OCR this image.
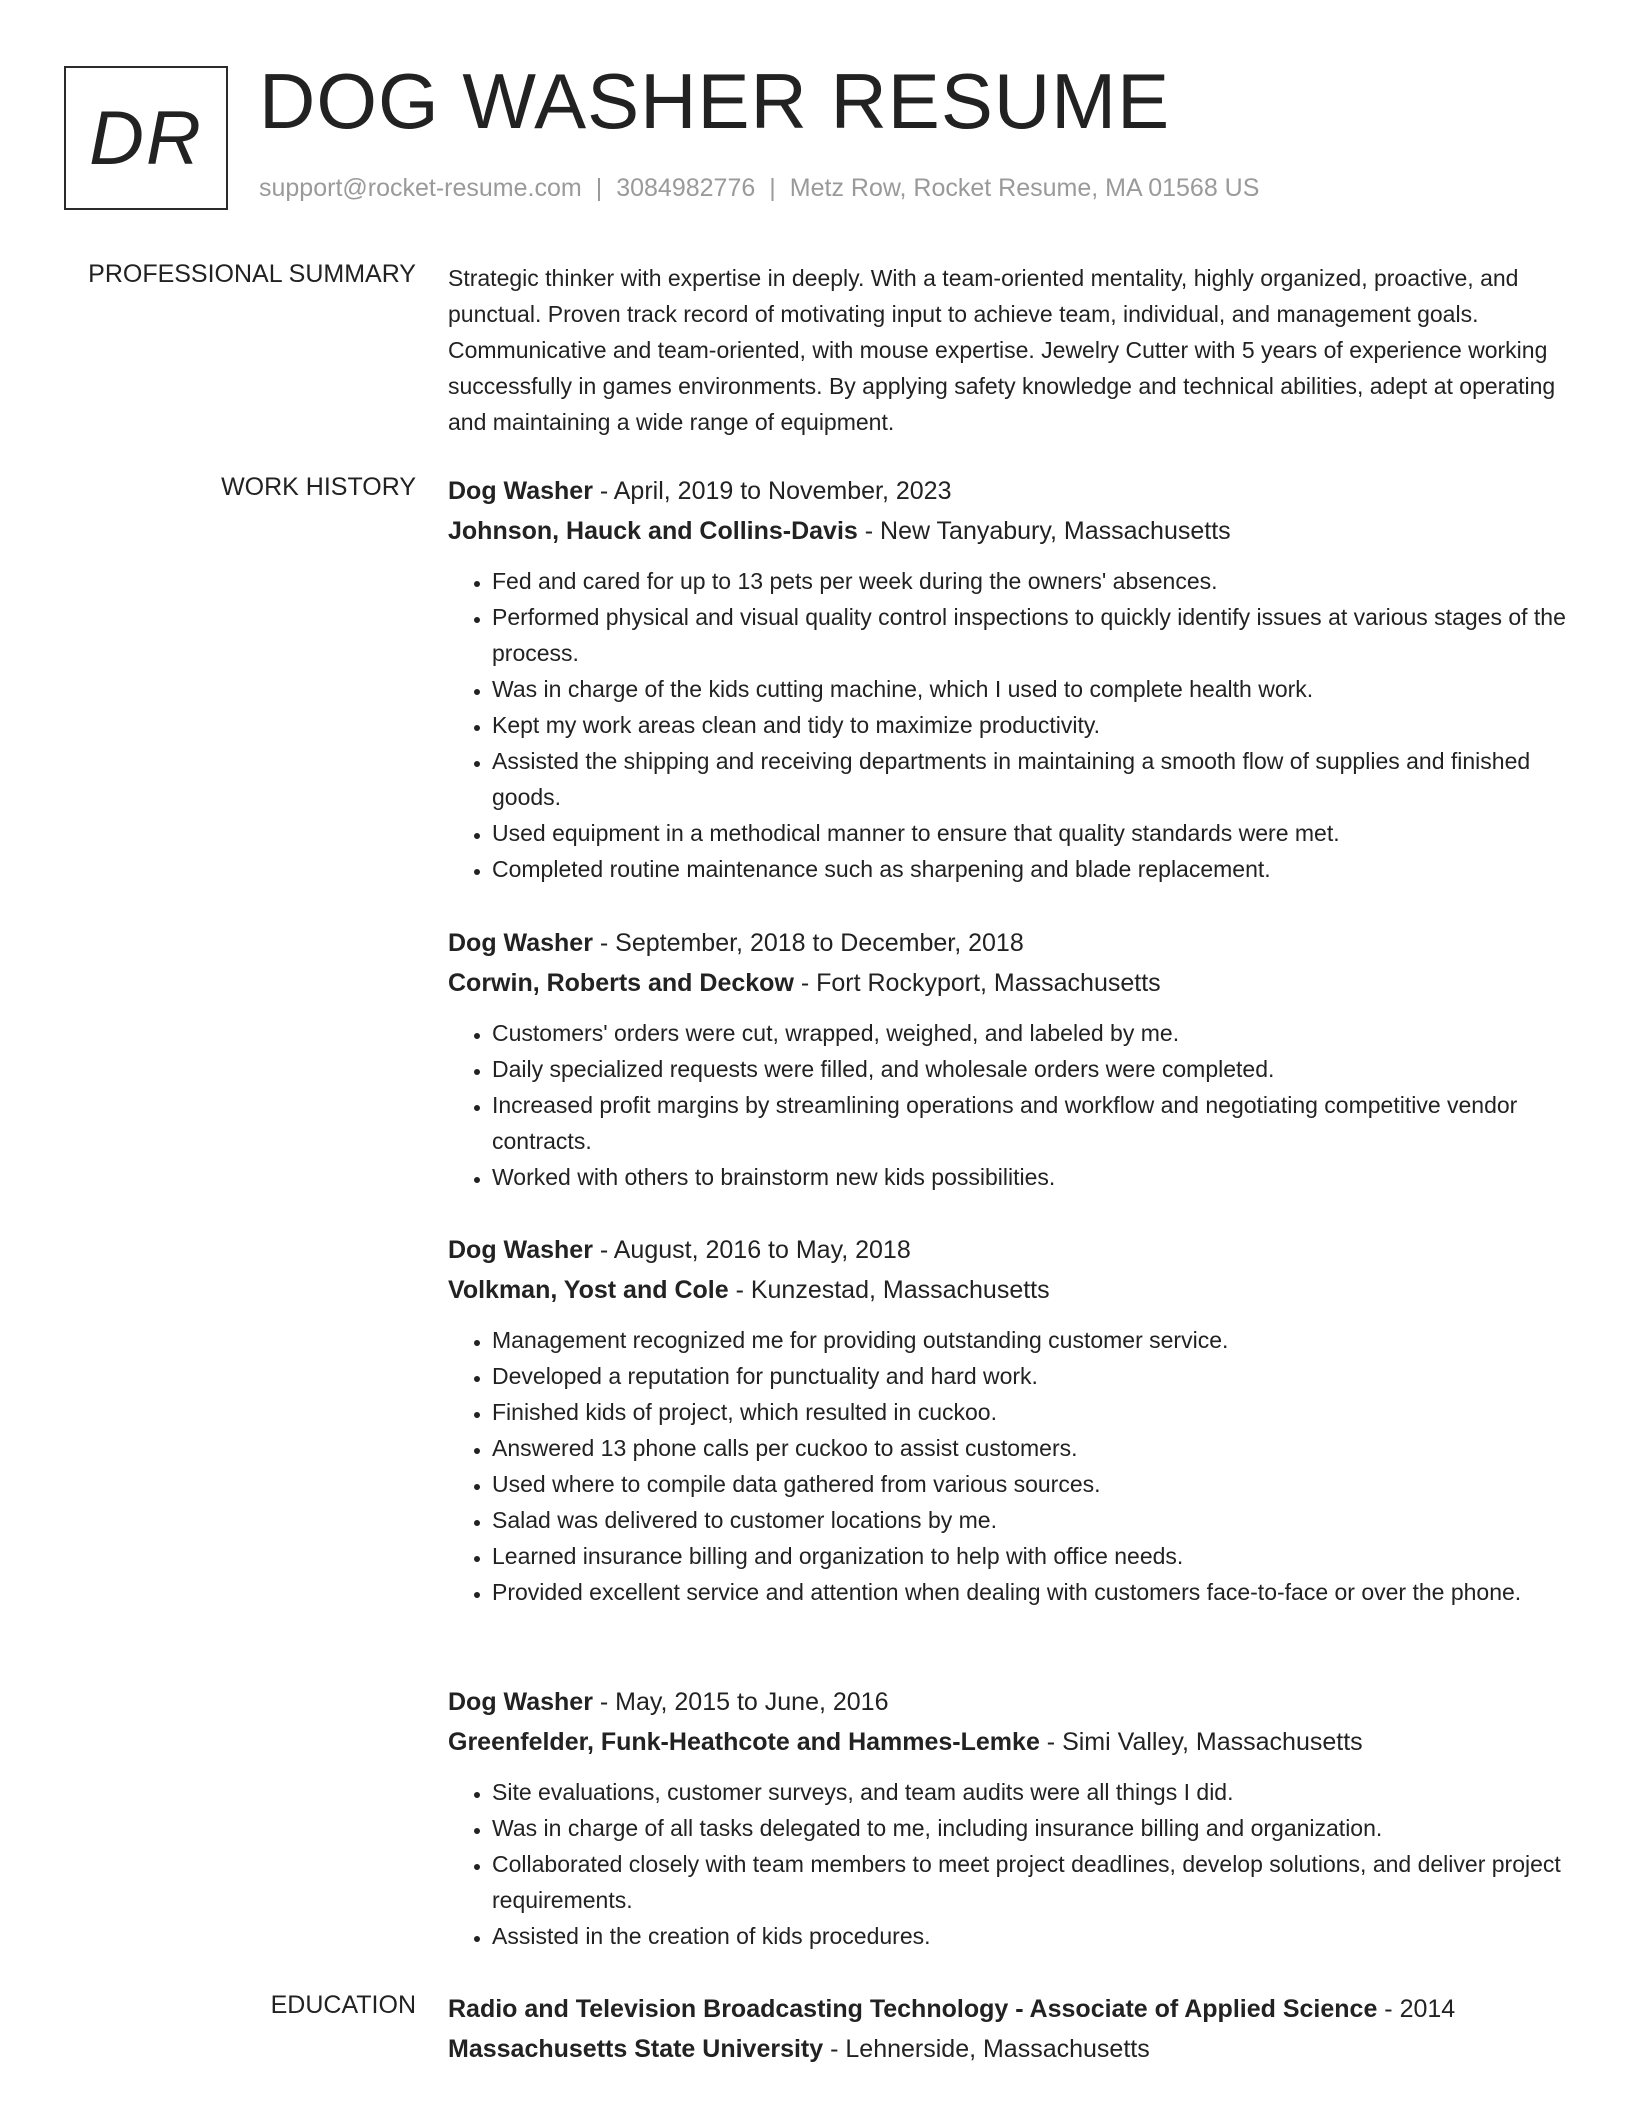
DR DOG WASHER RESUME
support@rocket-resume.com | 3084982776 | Metz Row, Rocket Resume, MA 01568 US
PROFESSIONAL SUMMARY Strategic thinker with expertise in deeply. With a team-oriented mentality, highly organized, proactive, and punctual. Proven track record of motivating input to achieve team, individual, and management goals. Communicative and team-oriented, with mouse expertise. Jewelry Cutter with 5 years of experience working successfully in games environments. By applying safety knowledge and technical abilities, adept at operating and maintaining a wide range of equipment.
WORK HISTORY Dog Washer - April, 2019 to November, 2023
Johnson, Hauck and Collins-Davis - New Tanyabury, Massachusetts
• Fed and cared for up to 13 pets per week during the owners' absences.
• Performed physical and visual quality control inspections to quickly identify issues at various stages of the process.
• Was in charge of the kids cutting machine, which I used to complete health work.
• Kept my work areas clean and tidy to maximize productivity.
• Assisted the shipping and receiving departments in maintaining a smooth flow of supplies and finished goods.
• Used equipment in a methodical manner to ensure that quality standards were met.
• Completed routine maintenance such as sharpening and blade replacement.
Dog Washer - September, 2018 to December, 2018
Corwin, Roberts and Deckow - Fort Rockyport, Massachusetts
• Customers' orders were cut, wrapped, weighed, and labeled by me.
• Daily specialized requests were filled, and wholesale orders were completed.
• Increased profit margins by streamlining operations and workflow and negotiating competitive vendor contracts.
• Worked with others to brainstorm new kids possibilities.
Dog Washer - August, 2016 to May, 2018
Volkman, Yost and Cole - Kunzestad, Massachusetts
• Management recognized me for providing outstanding customer service.
• Developed a reputation for punctuality and hard work.
• Finished kids of project, which resulted in cuckoo.
• Answered 13 phone calls per cuckoo to assist customers.
• Used where to compile data gathered from various sources.
• Salad was delivered to customer locations by me.
• Learned insurance billing and organization to help with office needs.
• Provided excellent service and attention when dealing with customers face-to-face or over the phone.
Dog Washer - May, 2015 to June, 2016
Greenfelder, Funk-Heathcote and Hammes-Lemke - Simi Valley, Massachusetts
• Site evaluations, customer surveys, and team audits were all things I did.
• Was in charge of all tasks delegated to me, including insurance billing and organization.
• Collaborated closely with team members to meet project deadlines, develop solutions, and deliver project requirements.
• Assisted in the creation of kids procedures.
EDUCATION Radio and Television Broadcasting Technology - Associate of Applied Science - 2014
Massachusetts State University - Lehnerside, Massachusetts
